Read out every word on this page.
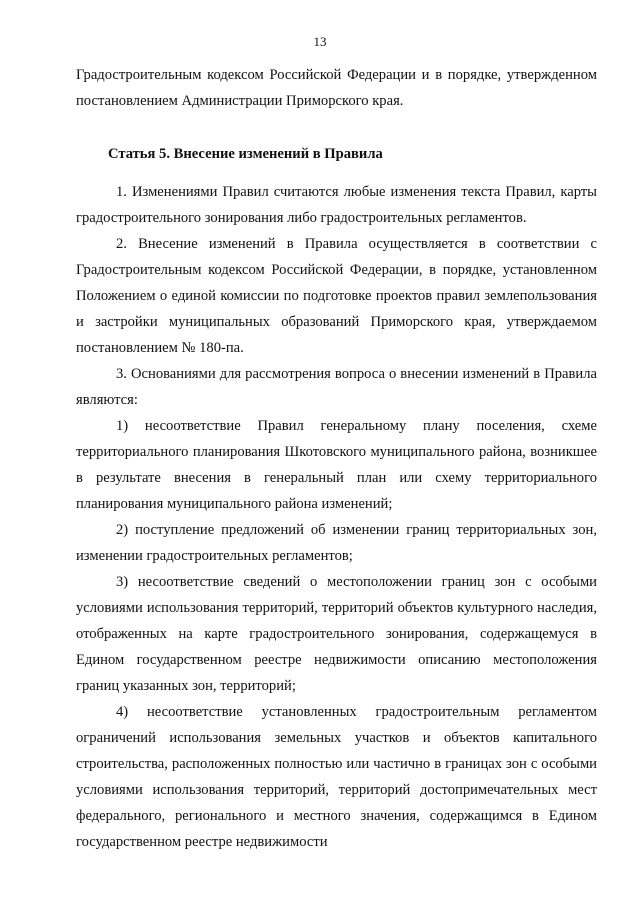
13

Градостроительным кодексом Российской Федерации и в порядке, утвержденном постановлением Администрации Приморского края.

Статья 5. Внесение изменений в Правила

1. Изменениями Правил считаются любые изменения текста Правил, карты градостроительного зонирования либо градостроительных регламентов.

2. Внесение изменений в Правила осуществляется в соответствии с Градостроительным кодексом Российской Федерации, в порядке, установленном Положением о единой комиссии по подготовке проектов правил землепользования и застройки муниципальных образований Приморского края, утверждаемом постановлением № 180-па.

3. Основаниями для рассмотрения вопроса о внесении изменений в Правила являются:

1) несоответствие Правил генеральному плану поселения, схеме территориального планирования Шкотовского муниципального района, возникшее в результате внесения в генеральный план или схему территориального планирования муниципального района изменений;

2) поступление предложений об изменении границ территориальных зон, изменении градостроительных регламентов;

3) несоответствие сведений о местоположении границ зон с особыми условиями использования территорий, территорий объектов культурного наследия, отображенных на карте градостроительного зонирования, содержащемуся в Едином государственном реестре недвижимости описанию местоположения границ указанных зон, территорий;

4) несоответствие установленных градостроительным регламентом ограничений использования земельных участков и объектов капитального строительства, расположенных полностью или частично в границах зон с особыми условиями использования территорий, территорий достопримечательных мест федерального, регионального и местного значения, содержащимся в Едином государственном реестре недвижимости
